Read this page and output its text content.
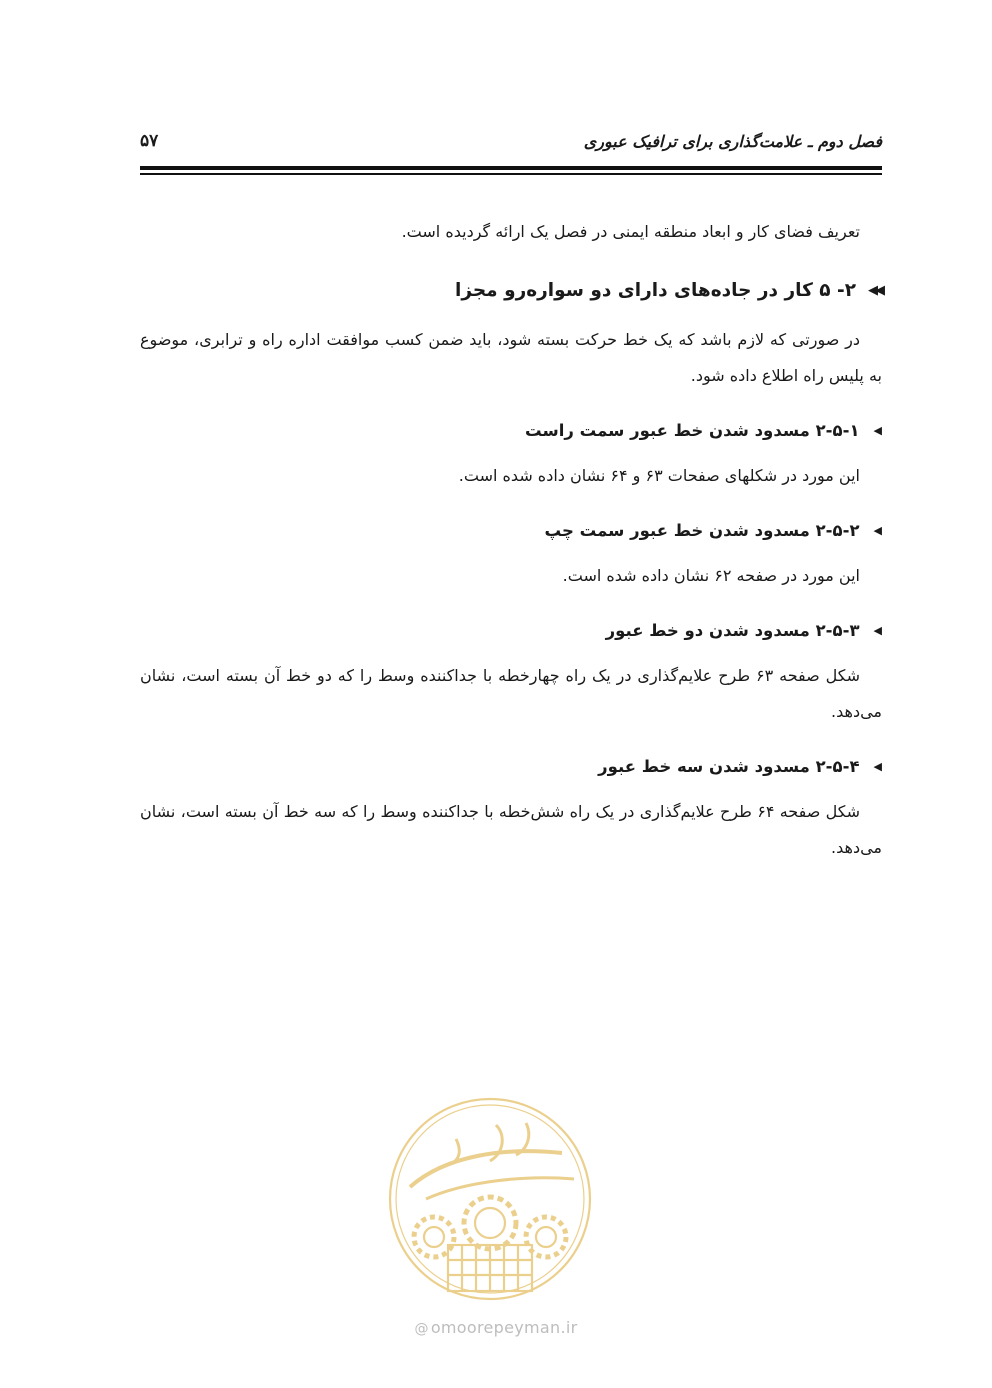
فصل دوم ـ علامت‌گذاری برای ترافیک عبوری
۵۷

تعریف فضای کار و ابعاد منطقه ایمنی در فصل یک ارائه گردیده است.

◀◀
۲- ۵ کار در جاده‌های دارای دو سواره‌رو مجزا

در صورتی که لازم باشد که یک خط حرکت بسته شود، باید ضمن کسب موافقت اداره راه و ترابری، موضوع به پلیس راه اطلاع داده شود.

◀
۲-۵-۱ مسدود شدن خط عبور سمت راست

این مورد در شکلهای صفحات ۶۳ و ۶۴ نشان داده شده است.

◀
۲-۵-۲ مسدود شدن خط عبور سمت چپ

این مورد در صفحه ۶۲ نشان داده شده است.

◀
۲-۵-۳ مسدود شدن دو خط عبور

شکل صفحه ۶۳ طرح علایم‌گذاری در یک راه چهارخطه با جداکننده وسط را که دو خط آن بسته است، نشان می‌دهد.

◀
۲-۵-۴ مسدود شدن سه خط عبور

شکل صفحه ۶۴ طرح علایم‌گذاری در یک راه شش‌خطه با جداکننده وسط را که سه خط آن بسته است، نشان می‌دهد.

@ omoorepeyman.ir
